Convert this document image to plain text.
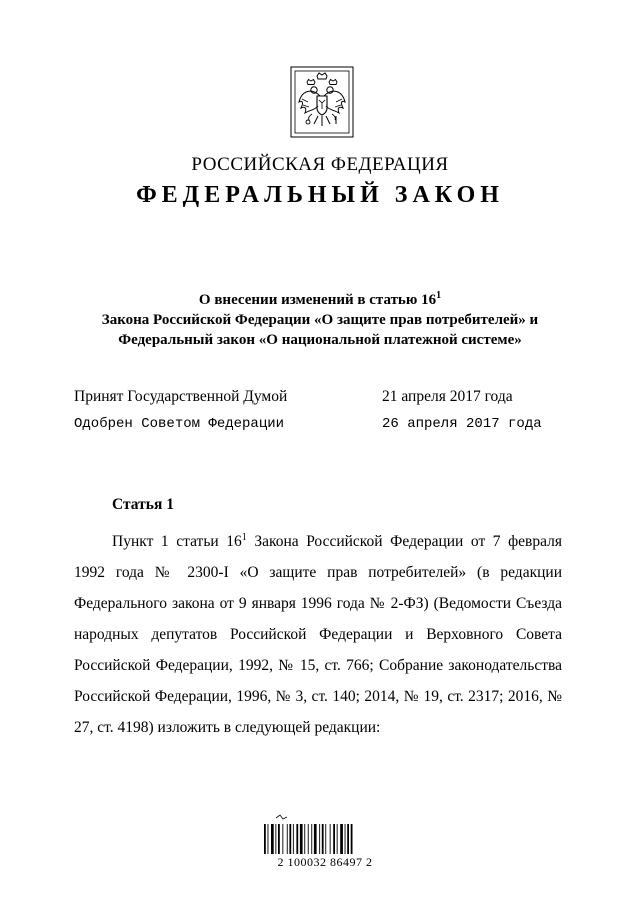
РОССИЙСКАЯ ФЕДЕРАЦИЯ
ФЕДЕРАЛЬНЫЙ ЗАКОН
О внесении изменений в статью $16^1$
Закона Российской Федерации «О защите прав потребителей» и
Федеральный закон «О национальной платежной системе»
Принят Государственной Думой	21 апреля 2017 года
Одобрен Советом Федерации	26 апреля 2017 года
Статья 1

Пункт 1 статьи $16^1$ Закона Российской Федерации от 7 февраля 1992 года № 2300-I «О защите прав потребителей» (в редакции Федерального закона от 9 января 1996 года № 2-ФЗ) (Ведомости Съезда народных депутатов Российской Федерации и Верховного Совета Российской Федерации, 1992, № 15, ст. 766; Собрание законодательства Российской Федерации, 1996, № 3, ст. 140; 2014, № 19, ст. 2317; 2016, № 27, ст. 4198) изложить в следующей редакции:

2 100032 86497 2
